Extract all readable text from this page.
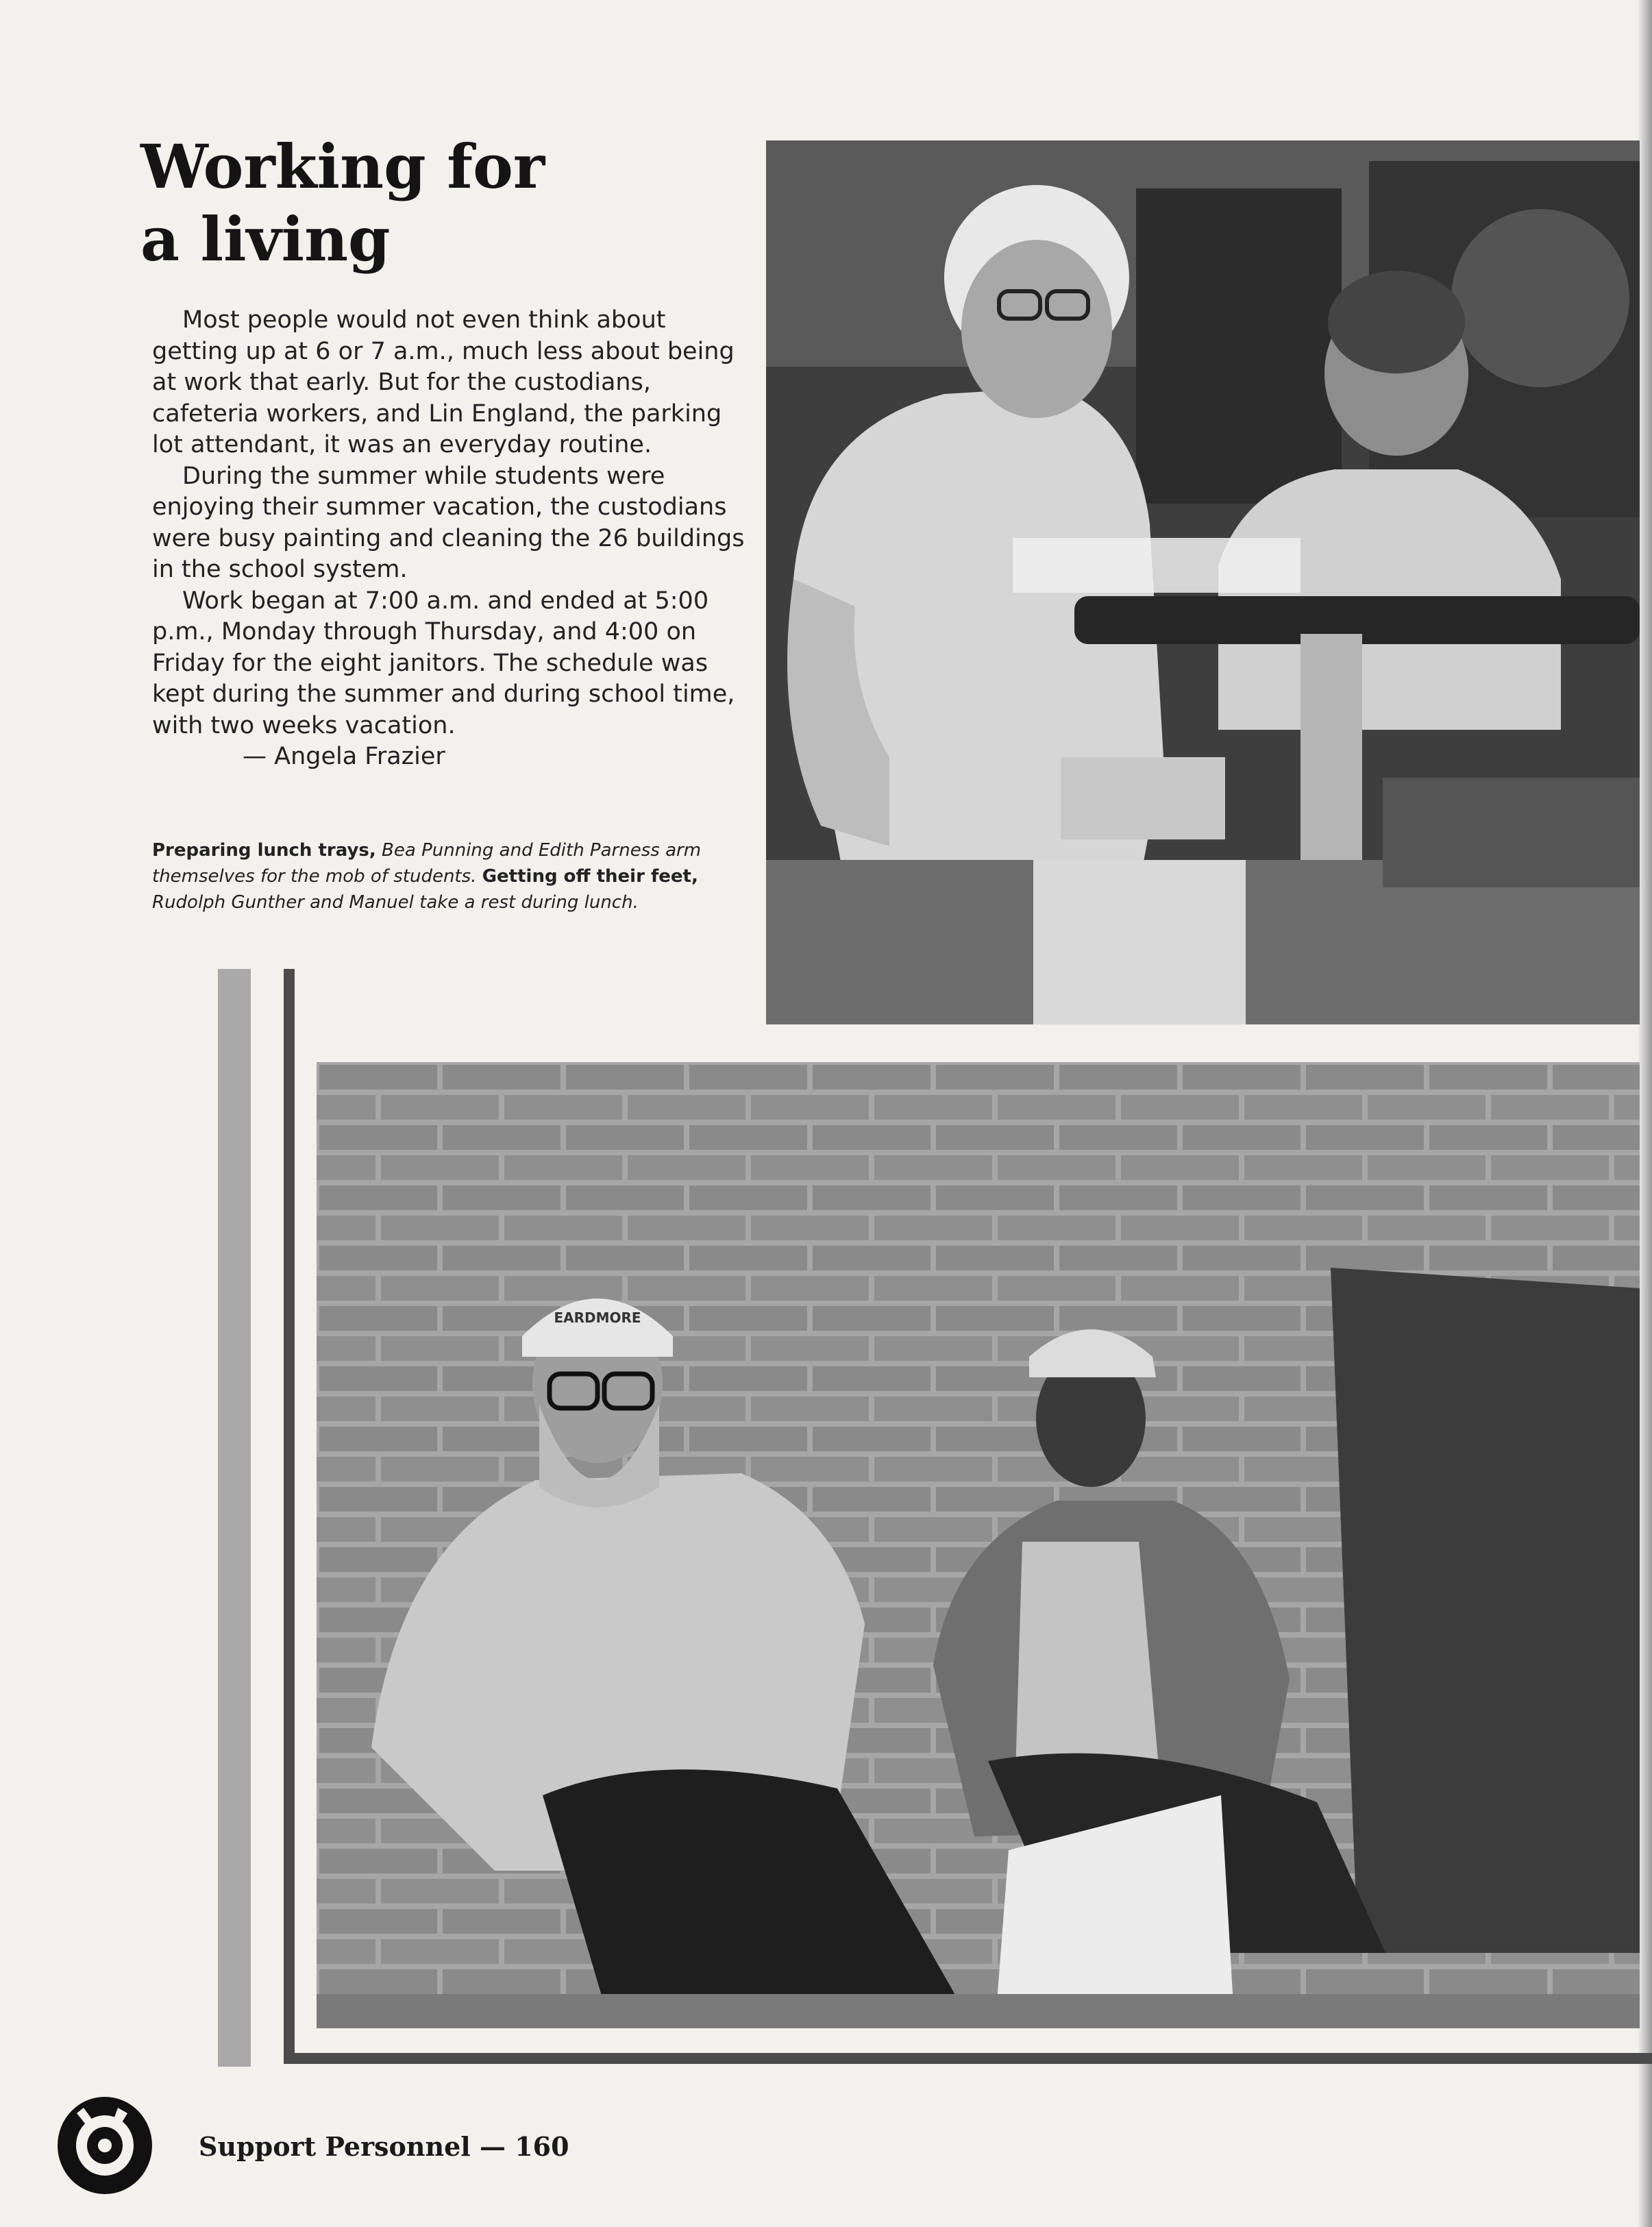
Working for
a living

Most people would not even think about getting up at 6 or 7 a.m., much less about being at work that early. But for the custodians, cafeteria workers, and Lin England, the parking lot attendant, it was an everyday routine.

During the summer while students were enjoying their summer vacation, the custodians were busy painting and cleaning the 26 buildings in the school system.

Work began at 7:00 a.m. and ended at 5:00 p.m., Monday through Thursday, and 4:00 on Friday for the eight janitors. The schedule was kept during the summer and during school time, with two weeks vacation.

— Angela Frazier

Preparing lunch trays, Bea Punning and Edith Parness arm themselves for the mob of students. Getting off their feet, Rudolph Gunther and Manuel take a rest during lunch.
EARDMORE
Support Personnel — 160
